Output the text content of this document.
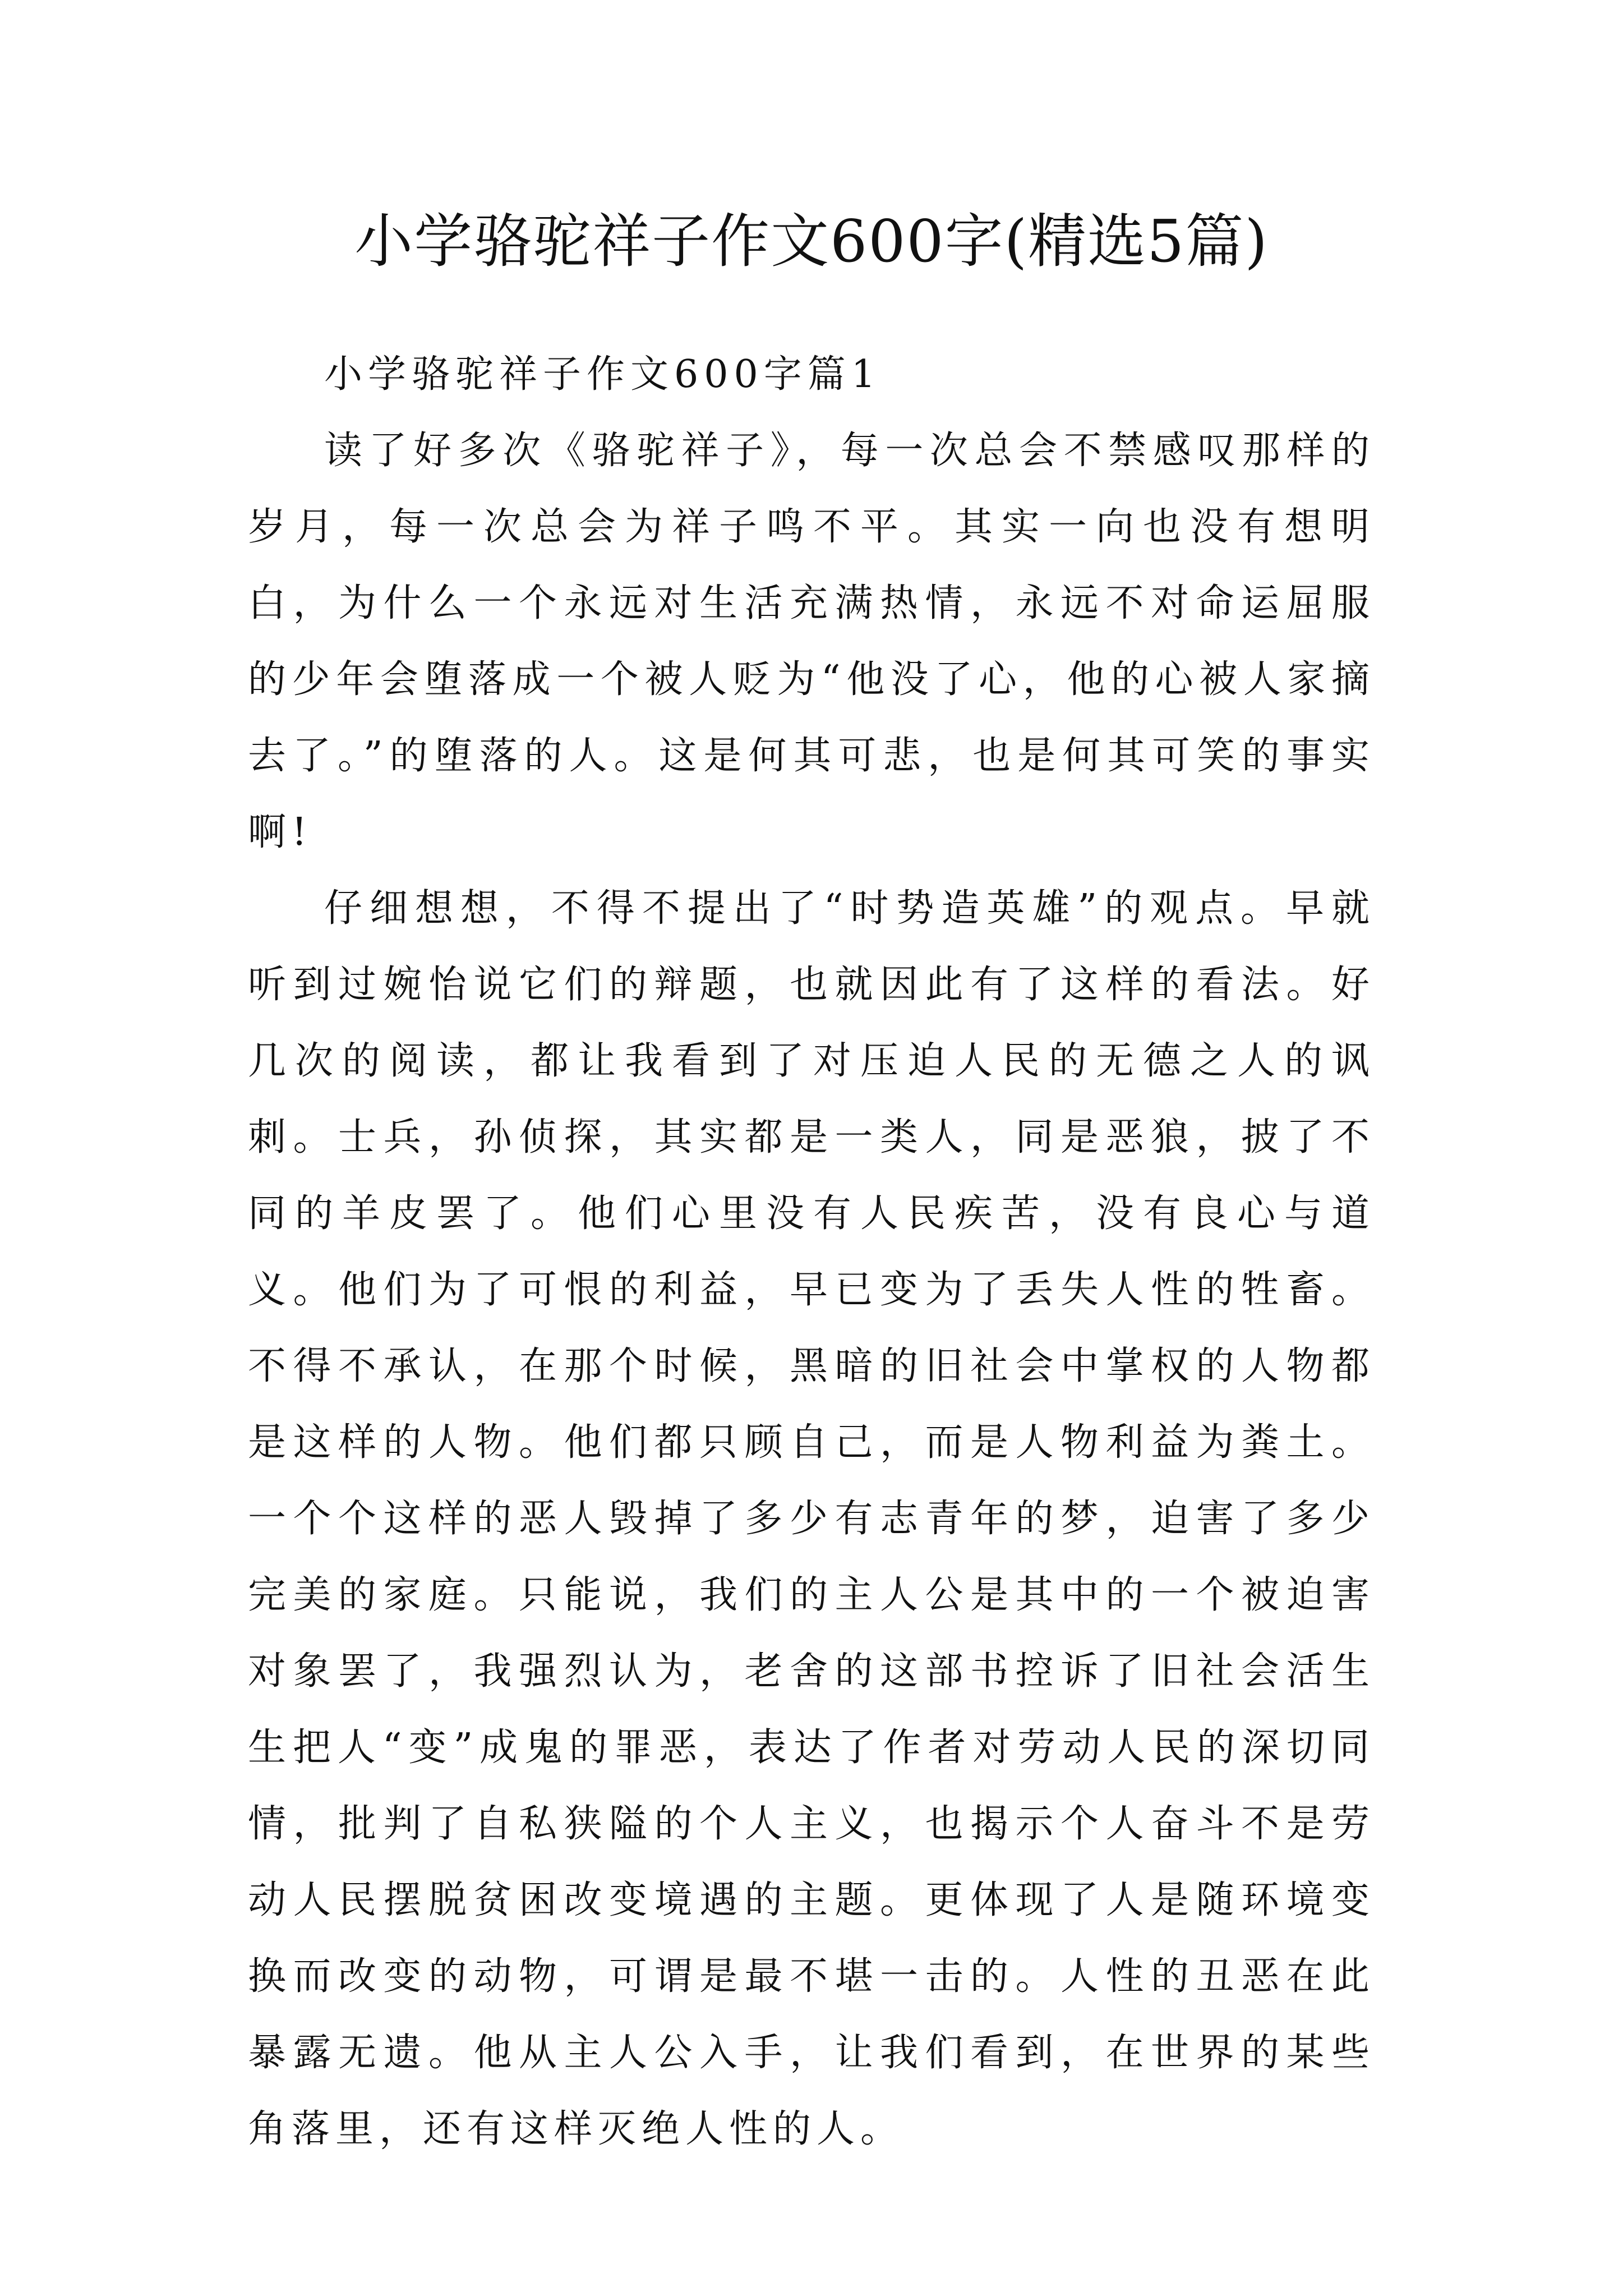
小学骆驼祥子作文600字(精选5篇)
小学骆驼祥子作文600字篇1

读了好多次《骆驼祥子》，每一次总会不禁感叹那样的岁月，每一次总会为祥子鸣不平。其实一向也没有想明白，为什么一个永远对生活充满热情，永远不对命运屈服的少年会堕落成一个被人贬为“他没了心，他的心被人家摘去了。”的堕落的人。这是何其可悲，也是何其可笑的事实啊!

仔细想想，不得不提出了“时势造英雄”的观点。早就听到过婉怡说它们的辩题，也就因此有了这样的看法。好几次的阅读，都让我看到了对压迫人民的无德之人的讽刺。士兵，孙侦探，其实都是一类人，同是恶狼，披了不同的羊皮罢了。他们心里没有人民疾苦，没有良心与道义。他们为了可恨的利益，早已变为了丢失人性的牲畜。不得不承认，在那个时候，黑暗的旧社会中掌权的人物都是这样的人物。他们都只顾自己，而是人物利益为粪土。一个个这样的恶人毁掉了多少有志青年的梦，迫害了多少完美的家庭。只能说，我们的主人公是其中的一个被迫害对象罢了，我强烈认为，老舍的这部书控诉了旧社会活生生把人“变”成鬼的罪恶，表达了作者对劳动人民的深切同情，批判了自私狭隘的个人主义，也揭示个人奋斗不是劳动人民摆脱贫困改变境遇的主题。更体现了人是随环境变换而改变的动物，可谓是最不堪一击的。人性的丑恶在此暴露无遗。他从主人公入手，让我们看到，在世界的某些角落里，还有这样灭绝人性的人。
